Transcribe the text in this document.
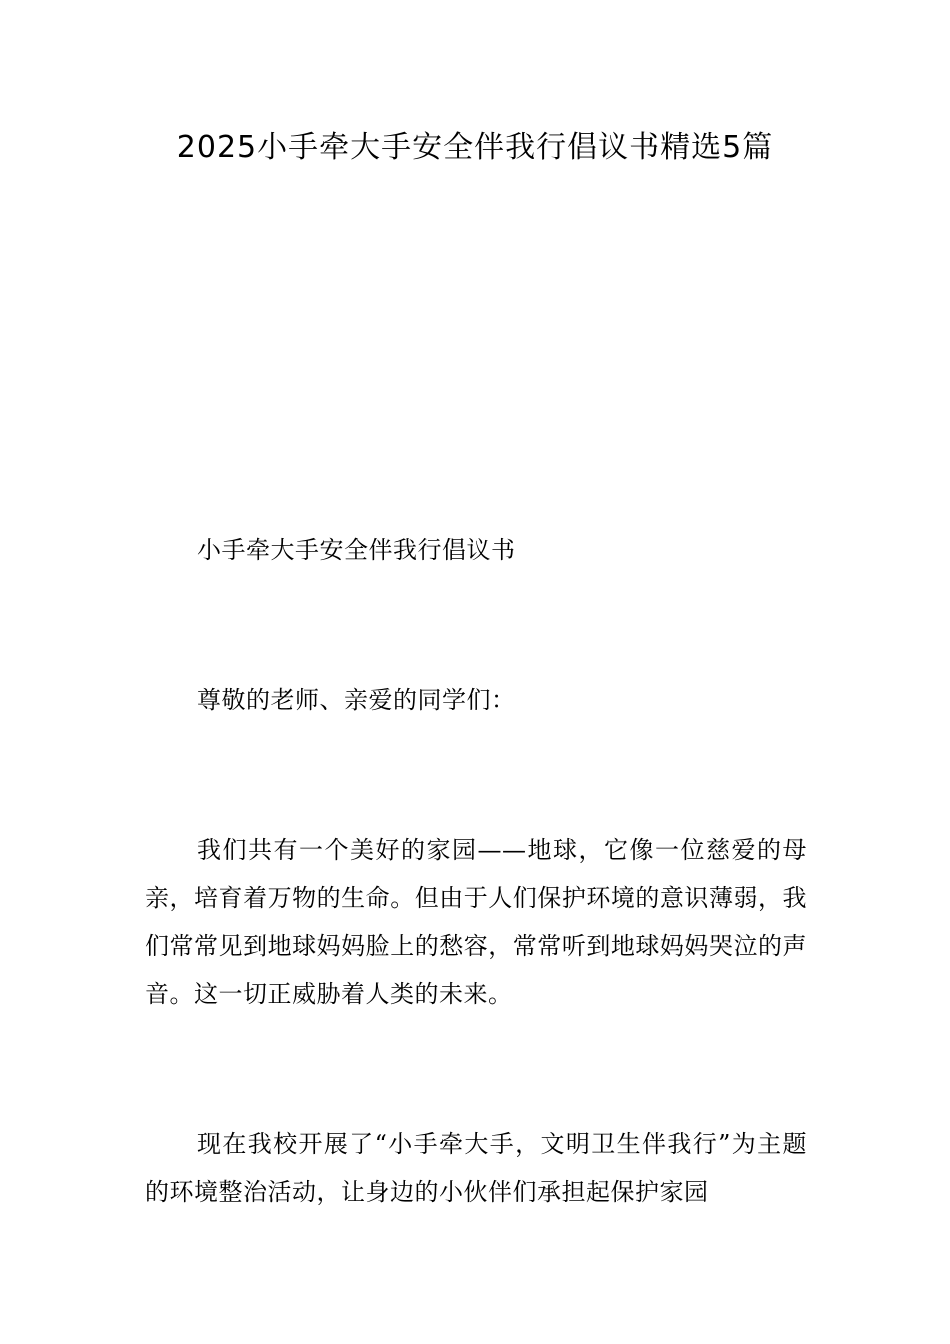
2025小手牵大手安全伴我行倡议书精选5篇

小手牵大手安全伴我行倡议书

尊敬的老师、亲爱的同学们：

我们共有一个美好的家园——地球，它像一位慈爱的母亲，培育着万物的生命。但由于人们保护环境的意识薄弱，我们常常见到地球妈妈脸上的愁容，常常听到地球妈妈哭泣的声音。这一切正威胁着人类的未来。

现在我校开展了“小手牵大手，文明卫生伴我行”为主题的环境整治活动，让身边的小伙伴们承担起保护家园
